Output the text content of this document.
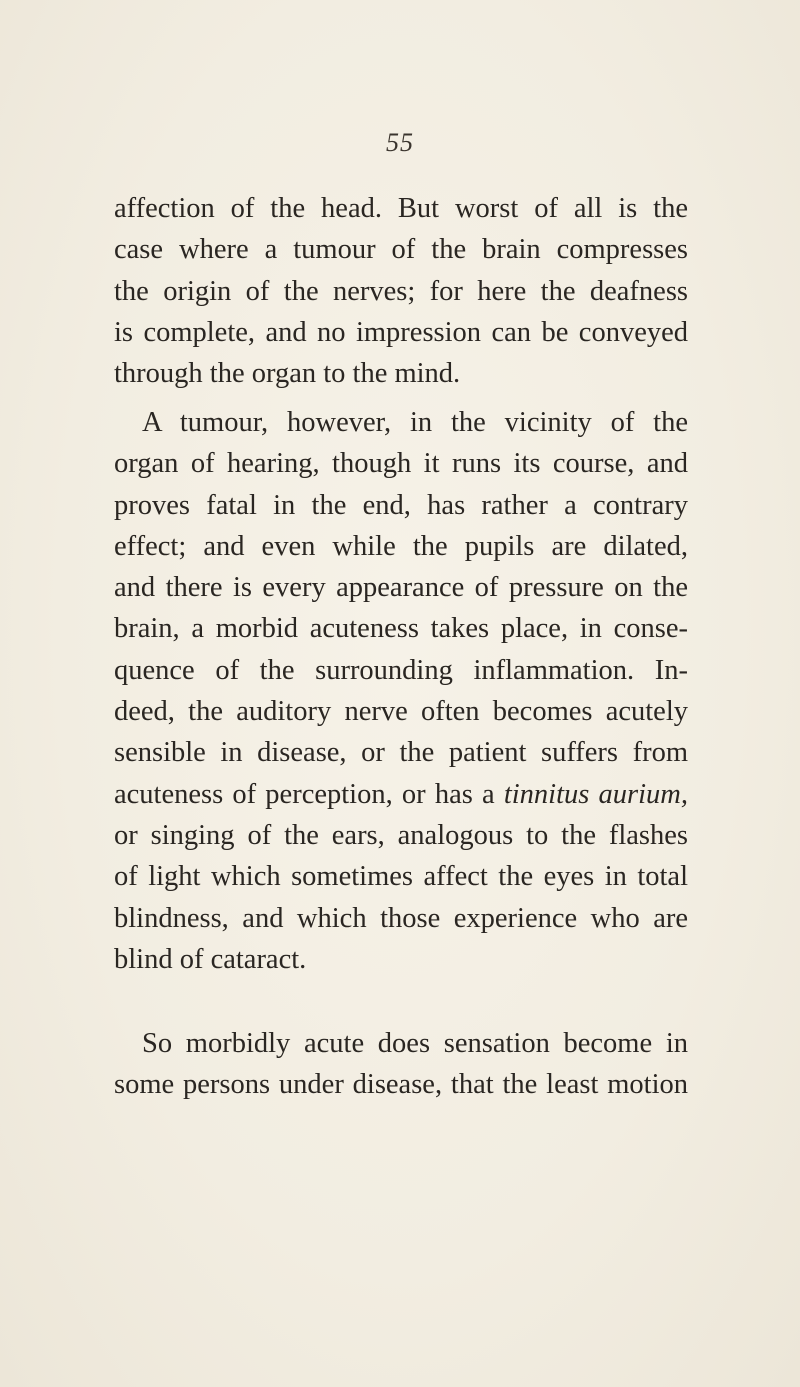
55
affection of the head. But worst of all is the
case where a tumour of the brain compresses
the origin of the nerves; for here the deafness
is complete, and no impression can be conveyed
through the organ to the mind.
A tumour, however, in the vicinity of the
organ of hearing, though it runs its course, and
proves fatal in the end, has rather a contrary
effect; and even while the pupils are dilated,
and there is every appearance of pressure on the
brain, a morbid acuteness takes place, in conse-
quence of the surrounding inflammation. In-
deed, the auditory nerve often becomes acutely
sensible in disease, or the patient suffers from
acuteness of perception, or has a tinnitus aurium,
or singing of the ears, analogous to the flashes
of light which sometimes affect the eyes in total
blindness, and which those experience who are
blind of cataract.
So morbidly acute does sensation become in
some persons under disease, that the least motion
